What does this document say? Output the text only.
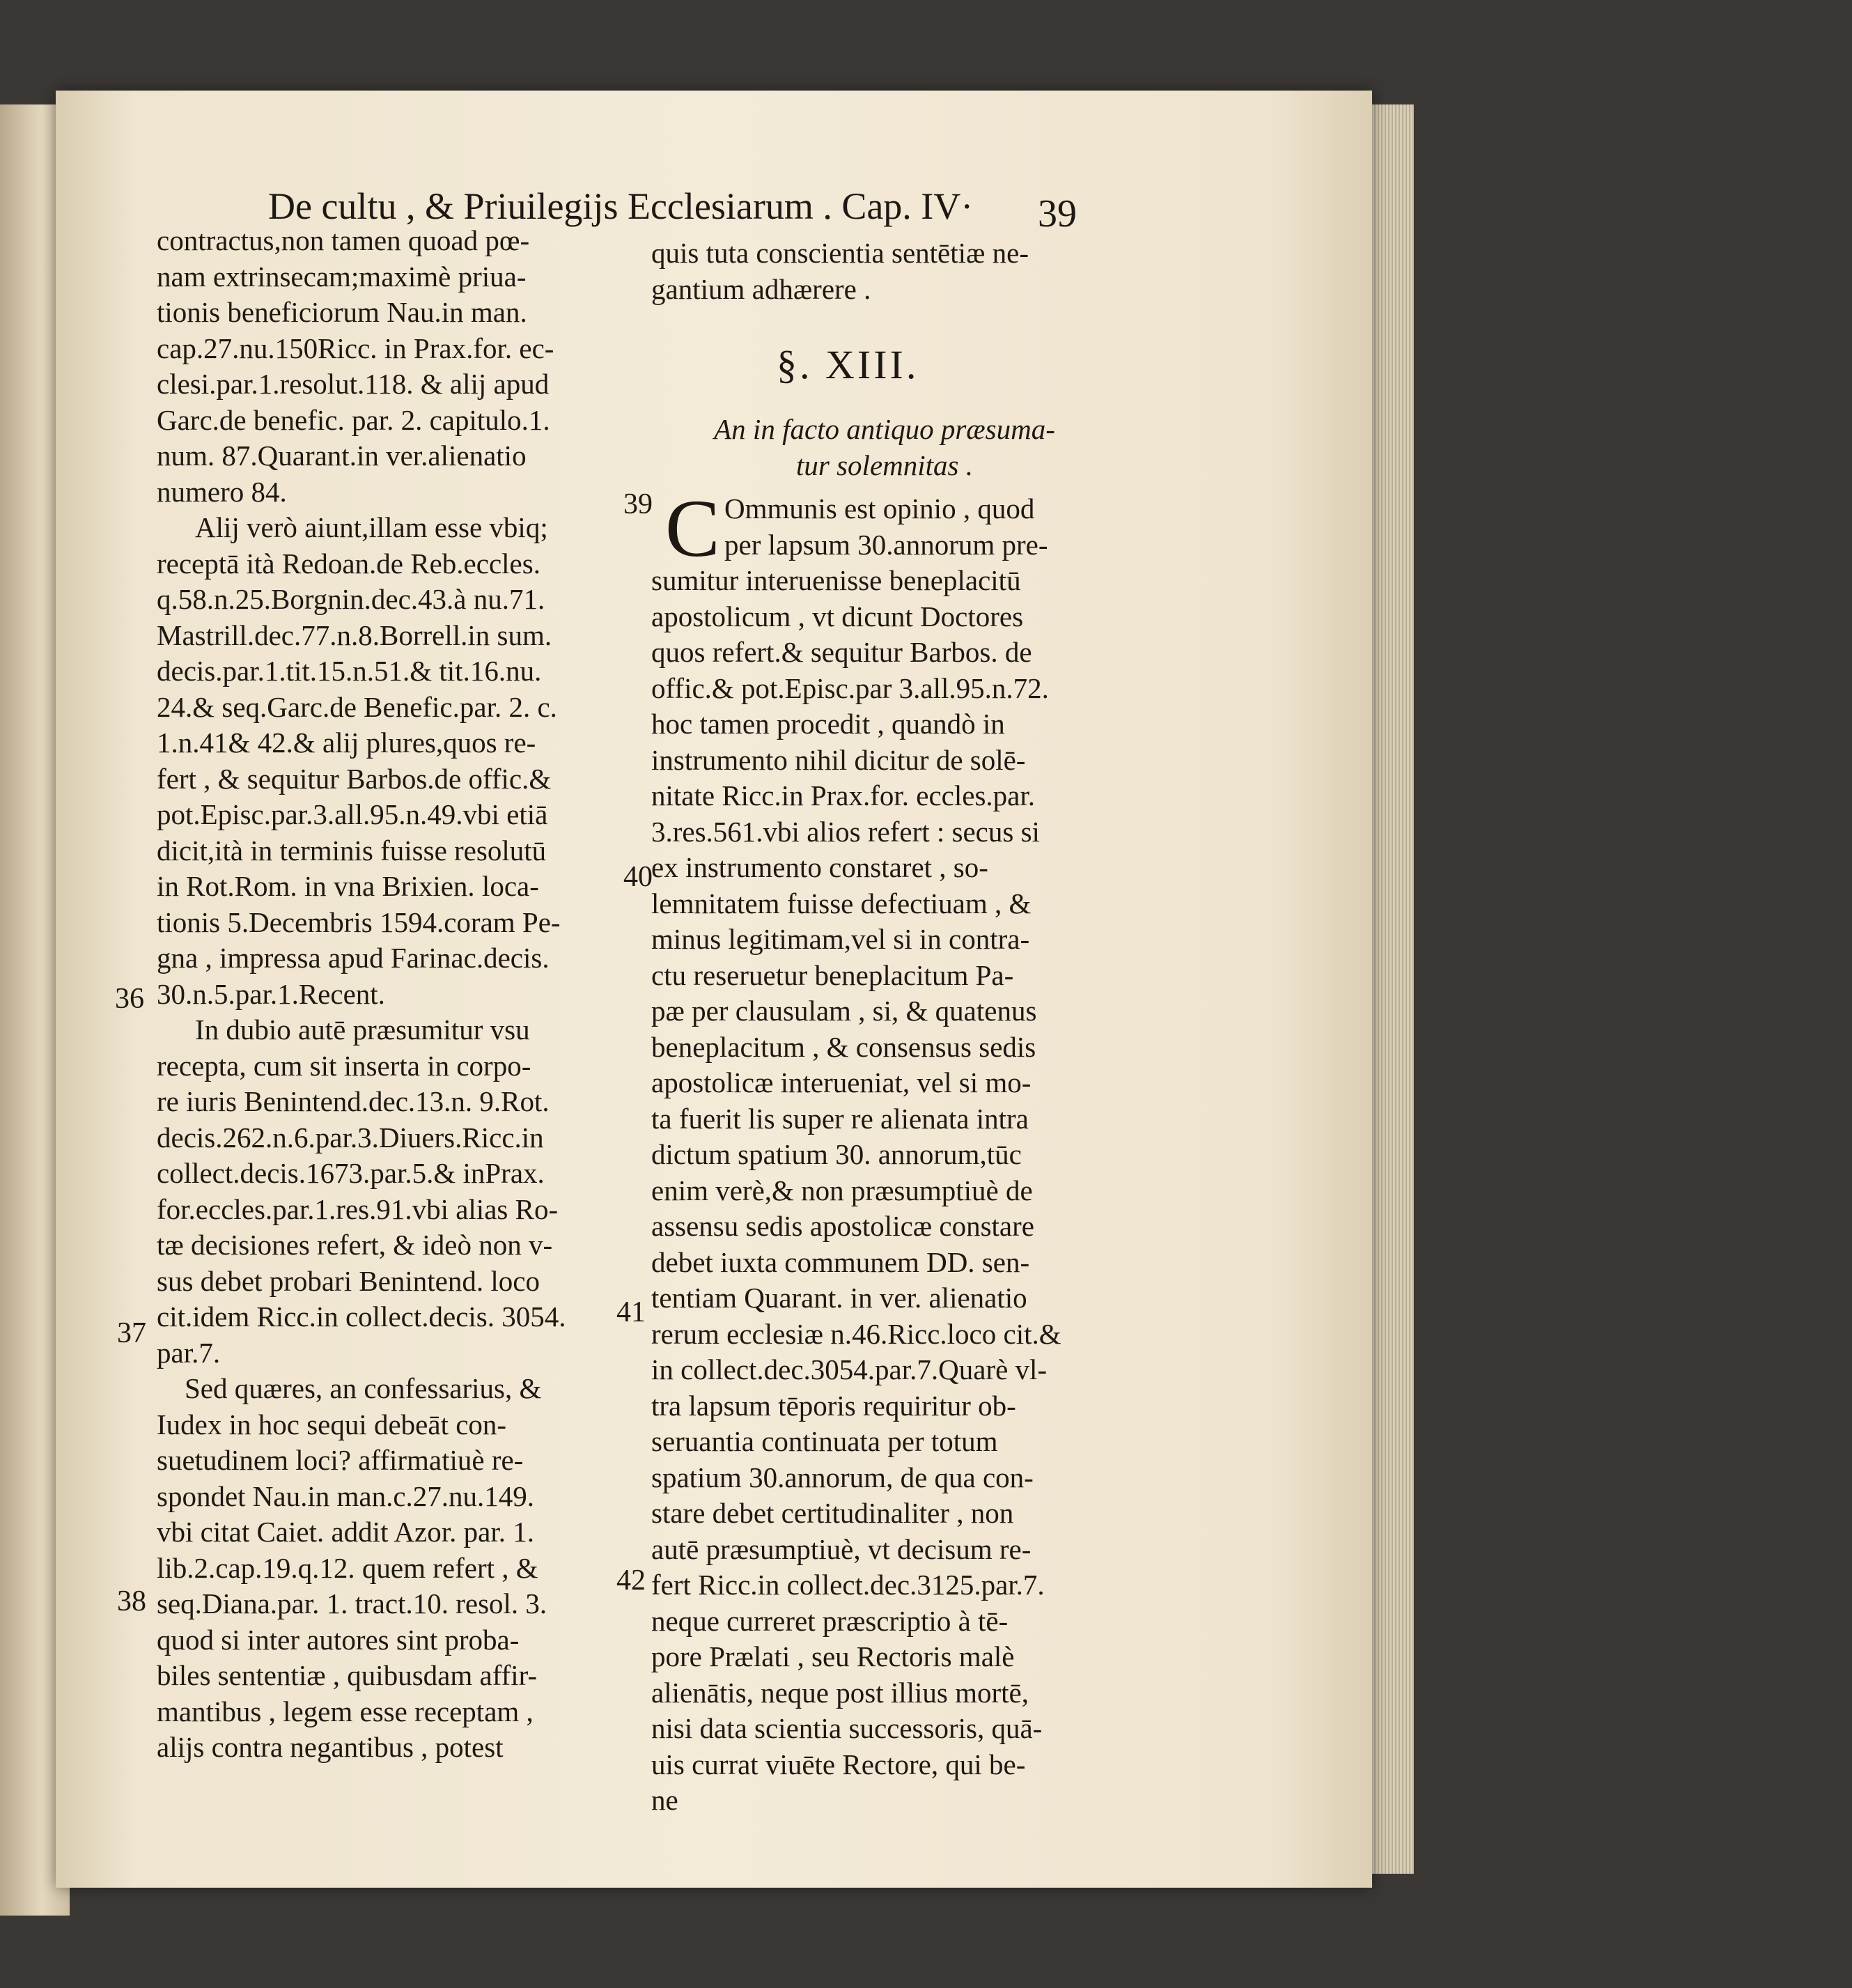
De cultu , & Priuilegijs Ecclesiarum . Cap. IV·	39

contractus,non tamen quoad pœ-

nam extrinsecam;maximè priua-

tionis beneficiorum Nau.in man.

cap.27.nu.150Ricc. in Prax.for. ec-

clesi.par.1.resolut.118. & alij apud

Garc.de benefic. par. 2. capitulo.1.

num. 87.Quarant.in ver.alienatio

numero 84.

Alij verò aiunt,illam esse vbiq;

receptā ità Redoan.de Reb.eccles.

q.58.n.25.Borgnin.dec.43.à nu.71.

Mastrill.dec.77.n.8.Borrell.in sum.

decis.par.1.tit.15.n.51.& tit.16.nu.

24.& seq.Garc.de Benefic.par. 2. c.

1.n.41& 42.& alij plures,quos re-

fert , & sequitur Barbos.de offic.&

pot.Episc.par.3.all.95.n.49.vbi etiā

dicit,ità in terminis fuisse resolutū

in Rot.Rom. in vna Brixien. loca-

tionis 5.Decembris 1594.coram Pe-

gna , impressa apud Farinac.decis.

30.n.5.par.1.Recent.

In dubio autē præsumitur vsu

recepta, cum sit inserta in corpo-

re iuris Benintend.dec.13.n. 9.Rot.

decis.262.n.6.par.3.Diuers.Ricc.in

collect.decis.1673.par.5.& inPrax.

for.eccles.par.1.res.91.vbi alias Ro-

tæ decisiones refert, & ideò non v-

sus debet probari Benintend. loco

cit.idem Ricc.in collect.decis. 3054.

par.7.

Sed quæres, an confessarius, &

Iudex in hoc sequi debeāt con-

suetudinem loci? affirmatiuè re-

spondet Nau.in man.c.27.nu.149.

vbi citat Caiet. addit Azor. par. 1.

lib.2.cap.19.q.12. quem refert , &

seq.Diana.par. 1. tract.10. resol. 3.

quod si inter autores sint proba-

biles sententiæ , quibusdam affir-

mantibus , legem esse receptam ,

alijs contra negantibus , potest

quis tuta conscientia sentētiæ ne-

gantium adhærere .

§. XIII.

An in facto antiquo præsuma-

tur solemnitas .

C Ommunis est opinio , quod

per lapsum 30.annorum pre-

sumitur interuenisse beneplacitū

apostolicum , vt dicunt Doctores

quos refert.& sequitur Barbos. de

offic.& pot.Episc.par 3.all.95.n.72.

hoc tamen procedit , quandò in

instrumento nihil dicitur de solē-

nitate Ricc.in Prax.for. eccles.par.

3.res.561.vbi alios refert : secus si

ex instrumento constaret , so-

lemnitatem fuisse defectiuam , &

minus legitimam,vel si in contra-

ctu reseruetur beneplacitum Pa-

pæ per clausulam , si, & quatenus

beneplacitum , & consensus sedis

apostolicæ interueniat, vel si mo-

ta fuerit lis super re alienata intra

dictum spatium 30. annorum,tūc

enim verè,& non præsumptiuè de

assensu sedis apostolicæ constare

debet iuxta communem DD. sen-

tentiam Quarant. in ver. alienatio

rerum ecclesiæ n.46.Ricc.loco cit.&

in collect.dec.3054.par.7.Quarè vl-

tra lapsum tēporis requiritur ob-

seruantia continuata per totum

spatium 30.annorum, de qua con-

stare debet certitudinaliter , non

autē præsumptiuè, vt decisum re-

fert Ricc.in collect.dec.3125.par.7.

neque curreret præscriptio à tē-

pore Prælati , seu Rectoris malè

alienātis, neque post illius mortē,

nisi data scientia successoris, quā-

uis currat viuēte Rectore, qui be-

ne

36
37
38
39
40
41
42
